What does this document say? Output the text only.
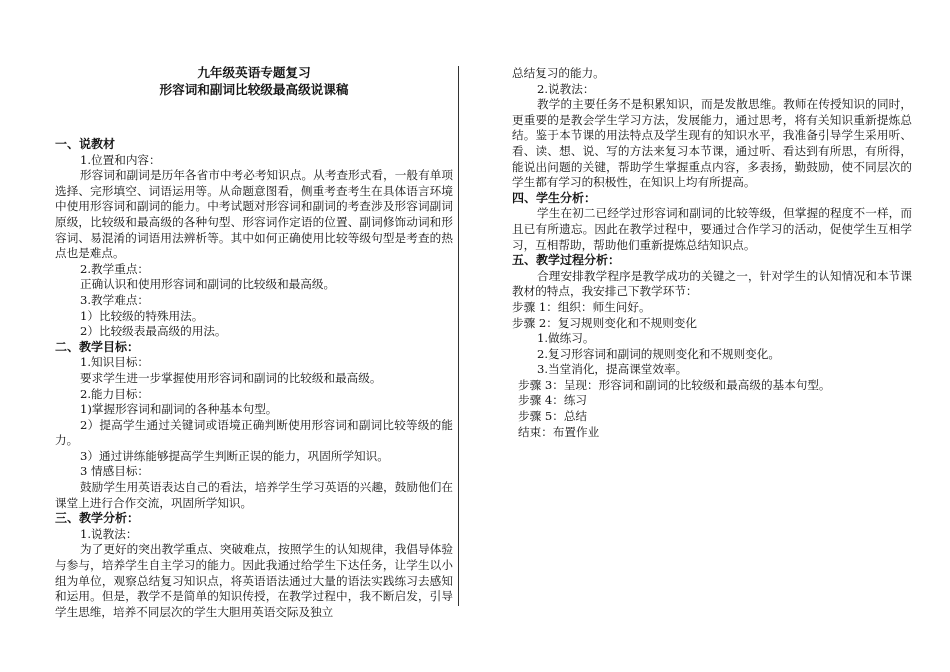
九年级英语专题复习
形容词和副词比较级最高级说课稿
一、说教材
1.位置和内容：
形容词和副词是历年各省市中考必考知识点。从考查形式看，一般有单项选择、完形填空、词语运用等。从命题意图看，侧重考查考生在具体语言环境中使用形容词和副词的能力。中考试题对形容词和副词的考查涉及形容词副词原级，比较级和最高级的各种句型、形容词作定语的位置、副词修饰动词和形容词、易混淆的词语用法辨析等。其中如何正确使用比较等级句型是考查的热点也是难点。
2.教学重点：
正确认识和使用形容词和副词的比较级和最高级。
3.教学难点：
1）比较级的特殊用法。
2）比较级表最高级的用法。
二、教学目标：
1.知识目标：
要求学生进一步掌握使用形容词和副词的比较级和最高级。
2.能力目标：
1)掌握形容词和副词的各种基本句型。
2）提高学生通过关键词或语境正确判断使用形容词和副词比较等级的能力。
3）通过讲练能够提高学生判断正误的能力，巩固所学知识。
3 情感目标：
鼓励学生用英语表达自己的看法，培养学生学习英语的兴趣，鼓励他们在课堂上进行合作交流，巩固所学知识。
三、教学分析：
1.说教法：
为了更好的突出教学重点、突破难点，按照学生的认知规律，我倡导体验与参与，培养学生自主学习的能力。因此我通过给学生下达任务，让学生以小组为单位，观察总结复习知识点，将英语语法通过大量的语法实践练习去感知和运用。但是，教学不是简单的知识传授，在教学过程中，我不断启发，引导学生思维，培养不同层次的学生大胆用英语交际及独立
总结复习的能力。
2.说教法：
教学的主要任务不是积累知识，而是发散思维。教师在传授知识的同时，更重要的是教会学生学习方法，发展能力，通过思考，将有关知识重新提炼总结。鉴于本节课的用法特点及学生现有的知识水平，我准备引导学生采用听、看、读、想、说、写的方法来复习本节课，通过听、看达到有所思，有所得，能说出问题的关键，帮助学生掌握重点内容，多表扬，勤鼓励，使不同层次的学生都有学习的积极性，在知识上均有所提高。
四、学生分析：
学生在初二已经学过形容词和副词的比较等级，但掌握的程度不一样，而且已有所遗忘。因此在教学过程中，要通过合作学习的活动，促使学生互相学习，互相帮助，帮助他们重新提炼总结知识点。
五、教学过程分析：
合理安排教学程序是教学成功的关键之一，针对学生的认知情况和本节课教材的特点，我安排己下教学环节：
步骤 1：组织：师生问好。
步骤 2：复习规则变化和不规则变化
1.做练习。
2.复习形容词和副词的规则变化和不规则变化。
3.当堂消化，提高课堂效率。
步骤 3：呈现：形容词和副词的比较级和最高级的基本句型。
步骤 4：练习
步骤 5：总结
结束：布置作业
